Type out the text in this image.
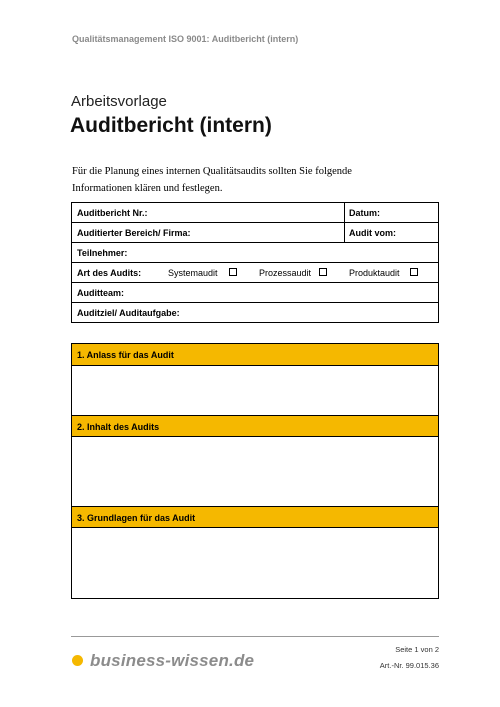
Qualitätsmanagement ISO 9001: Auditbericht (intern)
Arbeitsvorlage
Auditbericht (intern)
Für die Planung eines internen Qualitätsaudits sollten Sie folgende
Informationen klären und festlegen.
Auditbericht Nr.:	Datum:
Auditierter Bereich/ Firma:	Audit vom:
Teilnehmer:
Art des Audits:	Systemaudit	Prozessaudit	Produktaudit
Auditteam:
Auditziel/ Auditaufgabe:
1. Anlass für das Audit
2. Inhalt des Audits
3. Grundlagen für das Audit
business-wissen.de
Seite 1 von 2
Art.-Nr. 99.015.36
